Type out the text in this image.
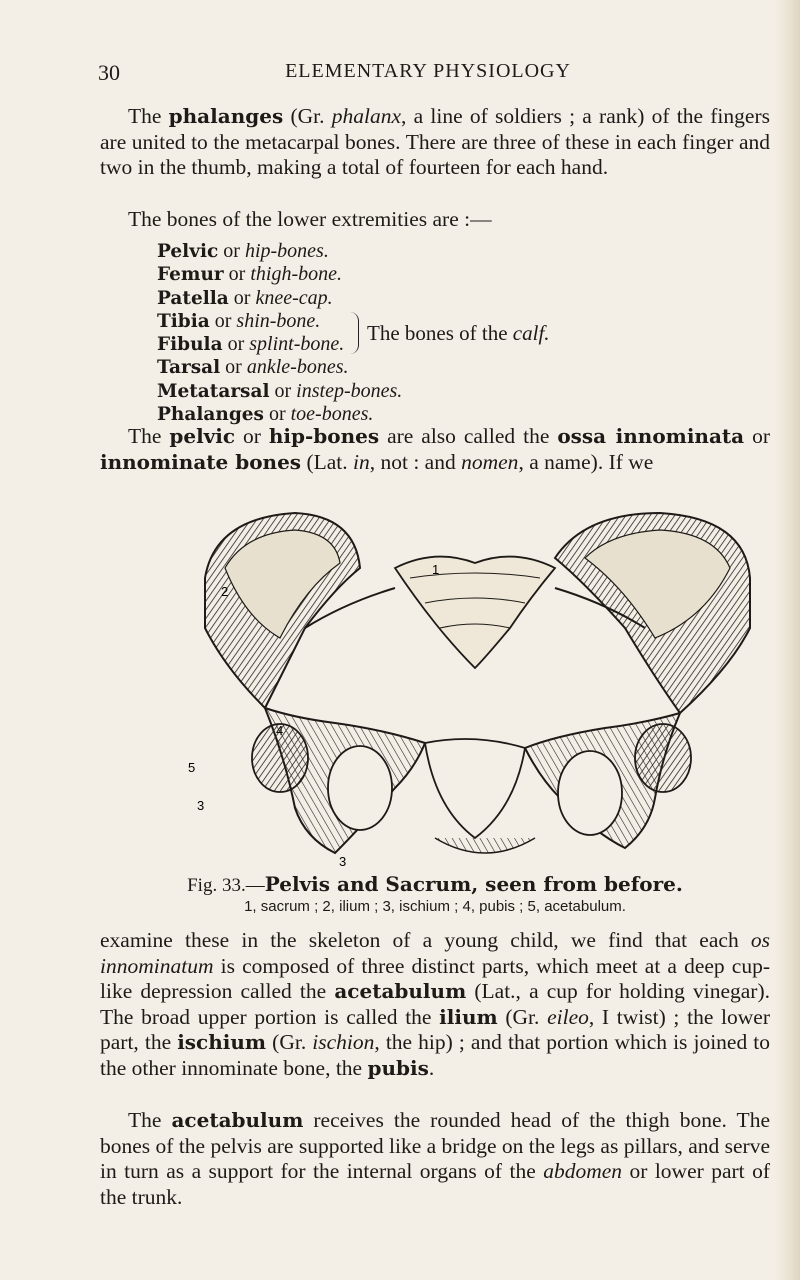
30	ELEMENTARY PHYSIOLOGY

The phalanges (Gr. phalanx, a line of soldiers ; a rank) of the fingers are united to the metacarpal bones. There are three of these in each finger and two in the thumb, making a total of fourteen for each hand.

The bones of the lower extremities are :—

Pelvic or hip-bones.
Femur or thigh-bone.
Patella or knee-cap.
Tibia or shin-bone.
Fibula or splint-bone.	The bones of the calf.
Tarsal or ankle-bones.
Metatarsal or instep-bones.
Phalanges or toe-bones.

The pelvic or hip-bones are also called the ossa innominata or innominate bones (Lat. in, not : and nomen, a name). If we

1
2
4
5
3
3
Fig. 33.—Pelvis and Sacrum, seen from before.
1, sacrum ; 2, ilium ; 3, ischium ; 4, pubis ; 5, acetabulum.

examine these in the skeleton of a young child, we find that each os innominatum is composed of three distinct parts, which meet at a deep cup-like depression called the acetabulum (Lat., a cup for holding vinegar). The broad upper portion is called the ilium (Gr. eileo, I twist) ; the lower part, the ischium (Gr. ischion, the hip) ; and that portion which is joined to the other innominate bone, the pubis.

The acetabulum receives the rounded head of the thigh bone. The bones of the pelvis are supported like a bridge on the legs as pillars, and serve in turn as a support for the internal organs of the abdomen or lower part of the trunk.
